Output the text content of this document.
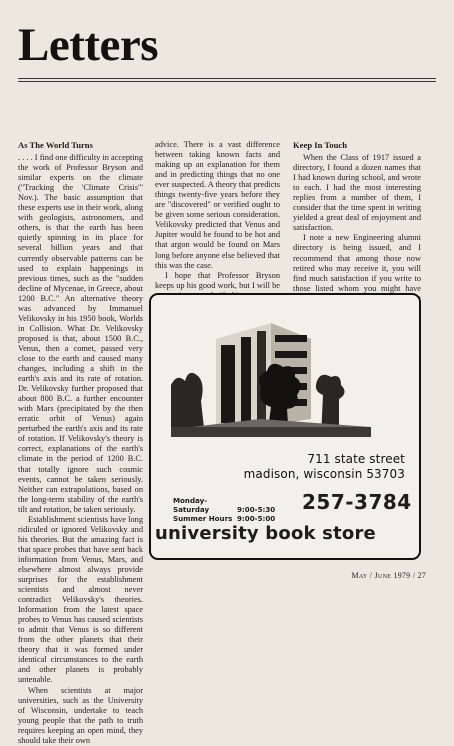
Letters

As The World Turns

. . . . I find one difficulty in accepting the work of Professor Bryson and similar experts on the climate ("Tracking the 'Climate Crisis'" Nov.). The basic assumption that these experts use in their work, along with geologists, astronomers, and others, is that the earth has been quietly spinning in its place for several billion years and that currently observable patterns can be used to explain happenings in previous times, such as the "sudden decline of Mycenae, in Greece, about 1200 B.C." An alternative theory was advanced by Immanuel Velikovsky in his 1950 book, Worlds in Collision. What Dr. Velikovsky proposed is that, about 1500 B.C., Venus, then a comet, passed very close to the earth and caused many changes, including a shift in the earth's axis and its rate of rotation. Dr. Velikovsky further proposed that about 800 B.C. a further encounter with Mars (precipitated by the then erratic orbit of Venus) again perturbed the earth's axis and its rate of rotation. If Velikovsky's theory is correct, explanations of the earth's climate in the period of 1200 B.C. that totally ignore such cosmic events, cannot be taken seriously. Neither can extrapolations, based on the long-term stability of the earth's tilt and rotation, be taken seriously.

Establishment scientists have long ridiculed or ignored Velikovsky and his theories. But the amazing fact is that space probes that have sent back information from Venus, Mars, and elsewhere almost always provide surprises for the establishment scientists and almost never contradict Velikovsky's theories. Information from the latest space probes to Venus has caused scientists to admit that Venus is so different from the other planets that their theory that it was formed under identical circumstances to the earth and other planets is probably untenable.

When scientists at major universities, such as the University of Wisconsin, undertake to teach young people that the path to truth requires keeping an open mind, they should take their own

advice. There is a vast difference between taking known facts and making up an explanation for them and in predicting things that no one ever suspected. A theory that predicts things twenty-five years before they are "discovered" or verified ought to be given some serious consideration. Velikovsky predicted that Venus and Jupiter would be found to be hot and that argon would be found on Mars long before anyone else believed that this was the case.

I hope that Professor Bryson keeps up his good work, but I will be

Keep In Touch

When the Class of 1917 issued a directory, I found a dozen names that I had known during school, and wrote to each. I had the most interesting replies from a number of them, I consider that the time spent in writing yielded a great deal of enjoyment and satisfaction.

I note a new Engineering alumni directory is being issued, and I recommend that among those now retired who may receive it, you will find much satisfaction if you write to those listed whom you might have

711 state street
madison, wisconsin 53703
Monday-Saturday	9:00-5:30
Summer Hours 9:00-5:00
257-3784
university book store
May / June 1979 / 27
